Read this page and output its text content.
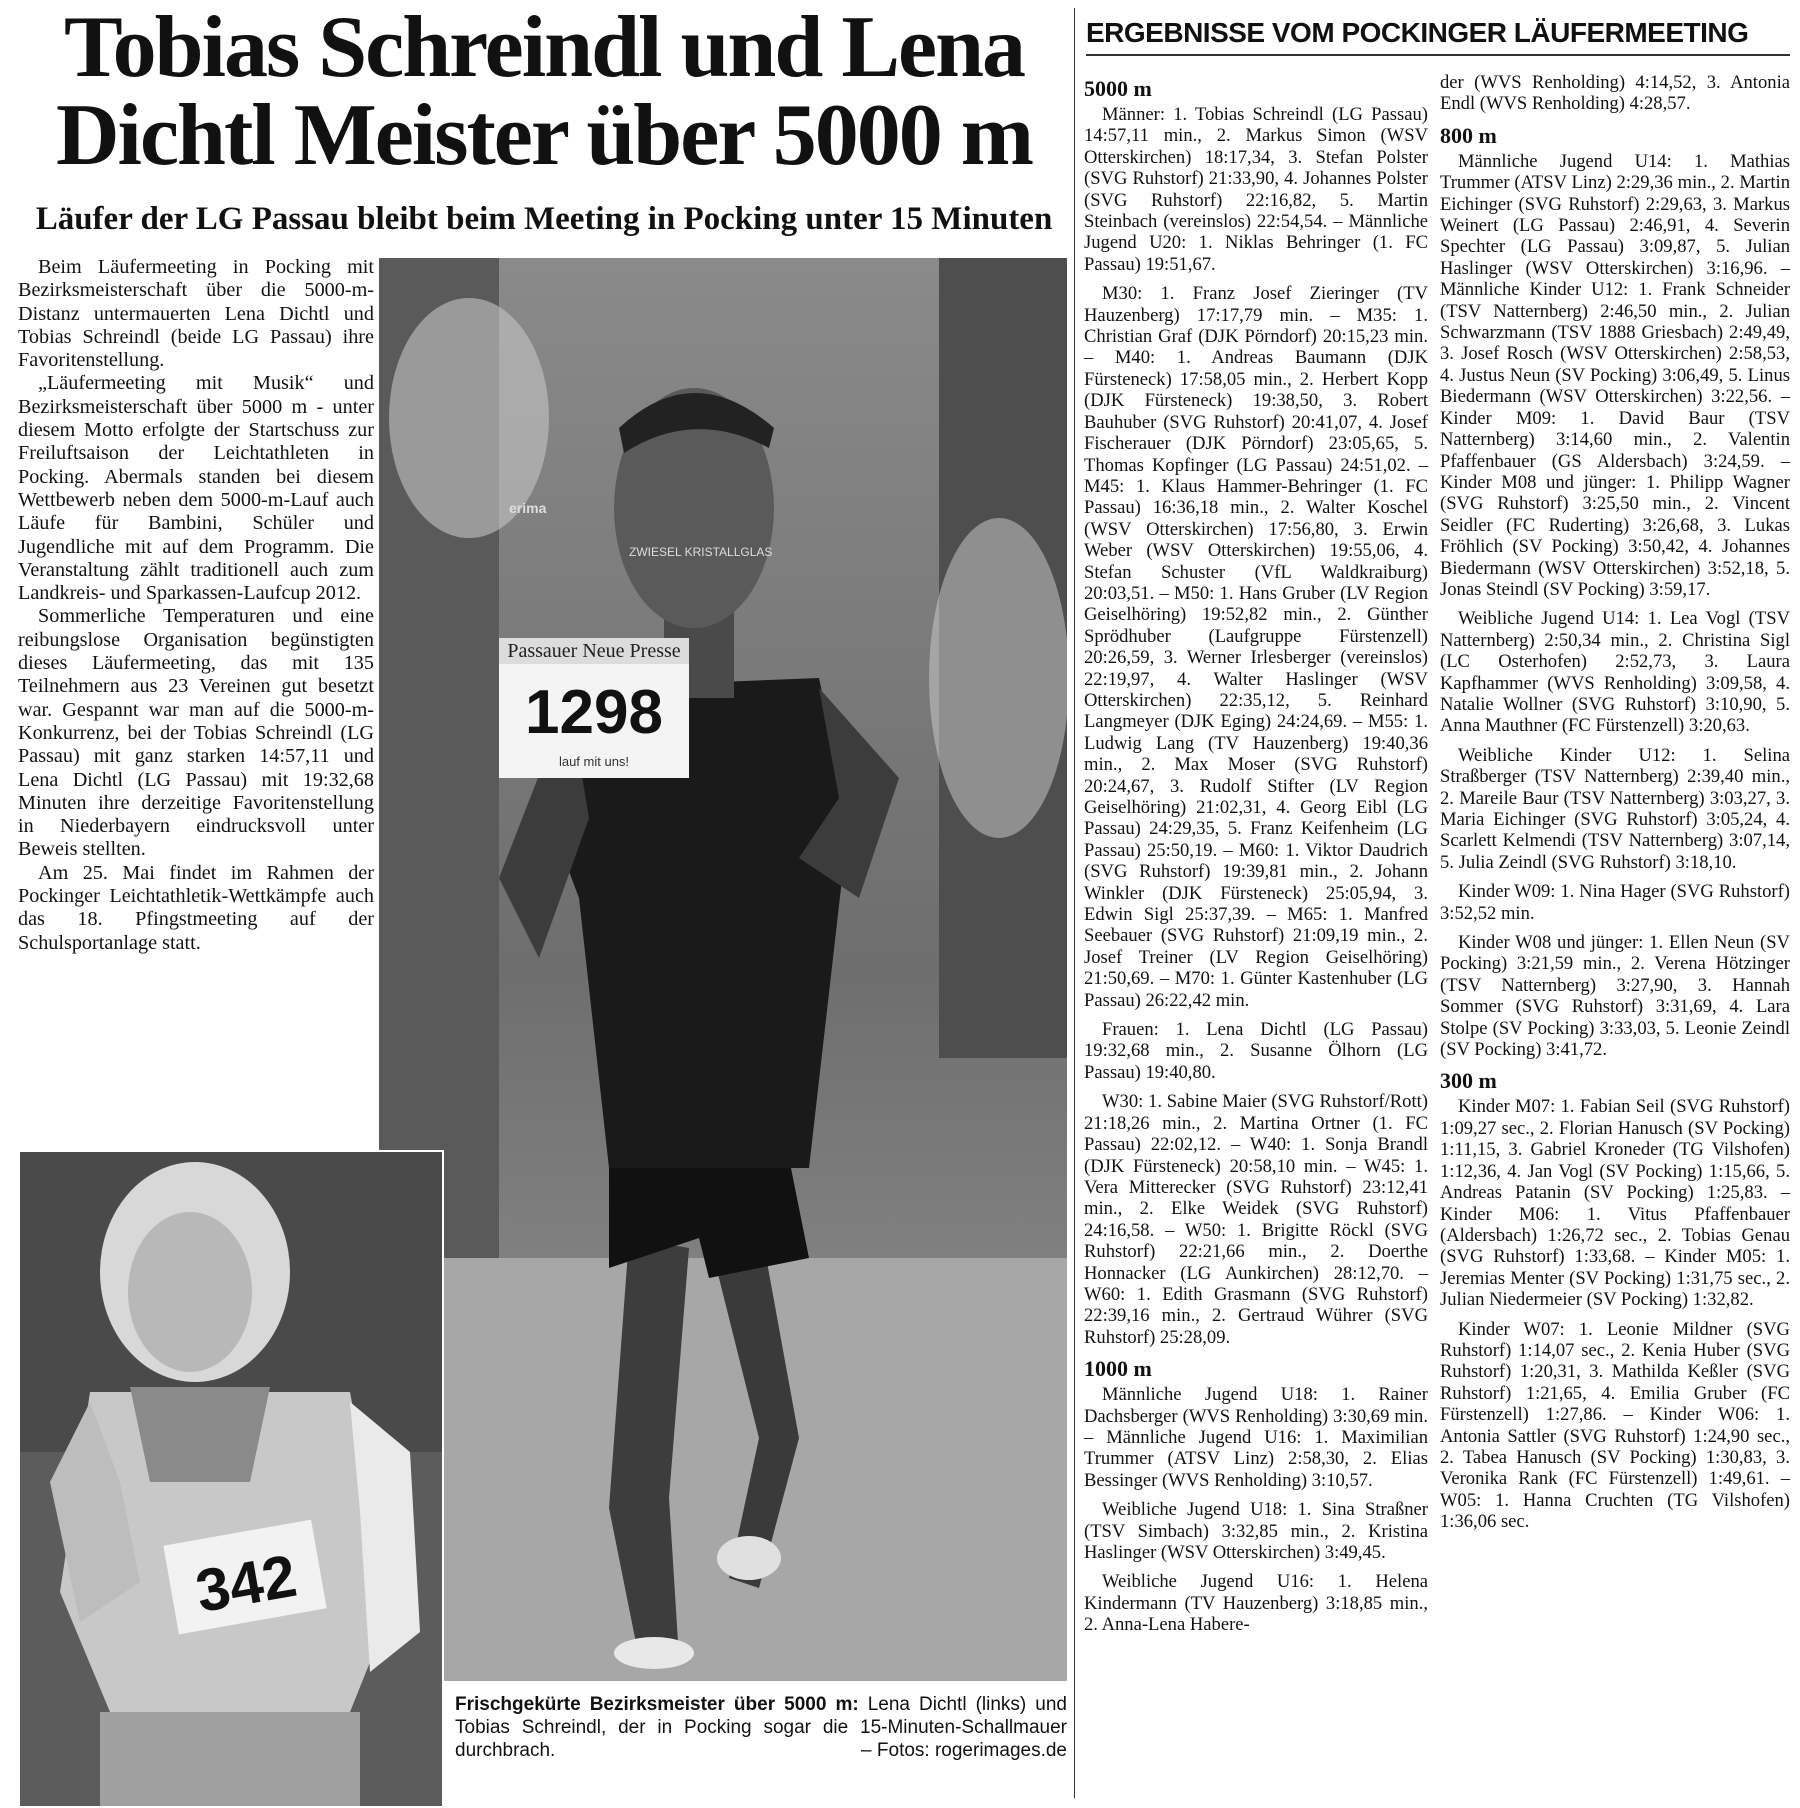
Tobias Schreindl und Lena Dichtl Meister über 5000 m
Läufer der LG Passau bleibt beim Meeting in Pocking unter 15 Minuten

Beim Läufermeeting in Pocking mit Bezirksmeisterschaft über die 5000-m-Distanz untermauerten Lena Dichtl und Tobias Schreindl (beide LG Passau) ihre Favoritenstellung.

„Läufermeeting mit Musik“ und Bezirksmeisterschaft über 5000 m - unter diesem Motto erfolgte der Startschuss zur Freiluftsaison der Leichtathleten in Pocking. Abermals standen bei diesem Wettbewerb neben dem 5000-m-Lauf auch Läufe für Bambini, Schüler und Jugendliche mit auf dem Programm. Die Veranstaltung zählt traditionell auch zum Landkreis- und Sparkassen-Laufcup 2012.

Sommerliche Temperaturen und eine reibungslose Organisation begünstigten dieses Läufermeeting, das mit 135 Teilnehmern aus 23 Vereinen gut besetzt war. Gespannt war man auf die 5000-m-Konkurrenz, bei der Tobias Schreindl (LG Passau) mit ganz starken 14:57,11 und Lena Dichtl (LG Passau) mit 19:32,68 Minuten ihre derzeitige Favoritenstellung in Niederbayern eindrucksvoll unter Beweis stellten.

Am 25. Mai findet im Rahmen der Pockinger Leichtathletik-Wettkämpfe auch das 18. Pfingstmeeting auf der Schulsportanlage statt.

Passauer Neue Presse
1298
lauf mit uns!
erima
ZWIESEL KRISTALLGLAS
342
Frischgekürte Bezirksmeister über 5000 m: Lena Dichtl (links) und Tobias Schreindl, der in Pocking sogar die 15-Minuten-Schallmauer durchbrach.	– Fotos: rogerimages.de
ERGEBNISSE VOM POCKINGER LÄUFERMEETING
5000 m

Männer: 1. Tobias Schreindl (LG Passau) 14:57,11 min., 2. Markus Simon (WSV Otterskirchen) 18:17,34, 3. Stefan Polster (SVG Ruhstorf) 21:33,90, 4. Johannes Polster (SVG Ruhstorf) 22:16,82, 5. Martin Steinbach (vereinslos) 22:54,54. – Männliche Jugend U20: 1. Niklas Behringer (1. FC Passau) 19:51,67.

M30: 1. Franz Josef Zieringer (TV Hauzenberg) 17:17,79 min. – M35: 1. Christian Graf (DJK Pörndorf) 20:15,23 min. – M40: 1. Andreas Baumann (DJK Fürsteneck) 17:58,05 min., 2. Herbert Kopp (DJK Fürsteneck) 19:38,50, 3. Robert Bauhuber (SVG Ruhstorf) 20:41,07, 4. Josef Fischerauer (DJK Pörndorf) 23:05,65, 5. Thomas Kopfinger (LG Passau) 24:51,02. – M45: 1. Klaus Hammer-Behringer (1. FC Passau) 16:36,18 min., 2. Walter Koschel (WSV Otterskirchen) 17:56,80, 3. Erwin Weber (WSV Otterskirchen) 19:55,06, 4. Stefan Schuster (VfL Waldkraiburg) 20:03,51. – M50: 1. Hans Gruber (LV Region Geiselhöring) 19:52,82 min., 2. Günther Sprödhuber (Laufgruppe Fürstenzell) 20:26,59, 3. Werner Irlesberger (vereinslos) 22:19,97, 4. Walter Haslinger (WSV Otterskirchen) 22:35,12, 5. Reinhard Langmeyer (DJK Eging) 24:24,69. – M55: 1. Ludwig Lang (TV Hauzenberg) 19:40,36 min., 2. Max Moser (SVG Ruhstorf) 20:24,67, 3. Rudolf Stifter (LV Region Geiselhöring) 21:02,31, 4. Georg Eibl (LG Passau) 24:29,35, 5. Franz Keifenheim (LG Passau) 25:50,19. – M60: 1. Viktor Daudrich (SVG Ruhstorf) 19:39,81 min., 2. Johann Winkler (DJK Fürsteneck) 25:05,94, 3. Edwin Sigl 25:37,39. – M65: 1. Manfred Seebauer (SVG Ruhstorf) 21:09,19 min., 2. Josef Treiner (LV Region Geiselhöring) 21:50,69. – M70: 1. Günter Kastenhuber (LG Passau) 26:22,42 min.

Frauen: 1. Lena Dichtl (LG Passau) 19:32,68 min., 2. Susanne Ölhorn (LG Passau) 19:40,80.

W30: 1. Sabine Maier (SVG Ruhstorf/Rott) 21:18,26 min., 2. Martina Ortner (1. FC Passau) 22:02,12. – W40: 1. Sonja Brandl (DJK Fürsteneck) 20:58,10 min. – W45: 1. Vera Mitterecker (SVG Ruhstorf) 23:12,41 min., 2. Elke Weidek (SVG Ruhstorf) 24:16,58. – W50: 1. Brigitte Röckl (SVG Ruhstorf) 22:21,66 min., 2. Doerthe Honnacker (LG Aunkirchen) 28:12,70. – W60: 1. Edith Grasmann (SVG Ruhstorf) 22:39,16 min., 2. Gertraud Wührer (SVG Ruhstorf) 25:28,09.

1000 m

Männliche Jugend U18: 1. Rainer Dachsberger (WVS Renholding) 3:30,69 min. – Männliche Jugend U16: 1. Maximilian Trummer (ATSV Linz) 2:58,30, 2. Elias Bessinger (WVS Renholding) 3:10,57.

Weibliche Jugend U18: 1. Sina Straßner (TSV Simbach) 3:32,85 min., 2. Kristina Haslinger (WSV Otterskirchen) 3:49,45.

Weibliche Jugend U16: 1. Helena Kindermann (TV Hauzenberg) 3:18,85 min., 2. Anna-Lena Habere-

der (WVS Renholding) 4:14,52, 3. Antonia Endl (WVS Renholding) 4:28,57.

800 m

Männliche Jugend U14: 1. Mathias Trummer (ATSV Linz) 2:29,36 min., 2. Martin Eichinger (SVG Ruhstorf) 2:29,63, 3. Markus Weinert (LG Passau) 2:46,91, 4. Severin Spechter (LG Passau) 3:09,87, 5. Julian Haslinger (WSV Otterskirchen) 3:16,96. – Männliche Kinder U12: 1. Frank Schneider (TSV Natternberg) 2:46,50 min., 2. Julian Schwarzmann (TSV 1888 Griesbach) 2:49,49, 3. Josef Rosch (WSV Otterskirchen) 2:58,53, 4. Justus Neun (SV Pocking) 3:06,49, 5. Linus Biedermann (WSV Otterskirchen) 3:22,56. – Kinder M09: 1. David Baur (TSV Natternberg) 3:14,60 min., 2. Valentin Pfaffenbauer (GS Aldersbach) 3:24,59. – Kinder M08 und jünger: 1. Philipp Wagner (SVG Ruhstorf) 3:25,50 min., 2. Vincent Seidler (FC Ruderting) 3:26,68, 3. Lukas Fröhlich (SV Pocking) 3:50,42, 4. Johannes Biedermann (WSV Otterskirchen) 3:52,18, 5. Jonas Steindl (SV Pocking) 3:59,17.

Weibliche Jugend U14: 1. Lea Vogl (TSV Natternberg) 2:50,34 min., 2. Christina Sigl (LC Osterhofen) 2:52,73, 3. Laura Kapfhammer (WVS Renholding) 3:09,58, 4. Natalie Wollner (SVG Ruhstorf) 3:10,90, 5. Anna Mauthner (FC Fürstenzell) 3:20,63.

Weibliche Kinder U12: 1. Selina Straßberger (TSV Natternberg) 2:39,40 min., 2. Mareile Baur (TSV Natternberg) 3:03,27, 3. Maria Eichinger (SVG Ruhstorf) 3:05,24, 4. Scarlett Kelmendi (TSV Natternberg) 3:07,14, 5. Julia Zeindl (SVG Ruhstorf) 3:18,10.

Kinder W09: 1. Nina Hager (SVG Ruhstorf) 3:52,52 min.

Kinder W08 und jünger: 1. Ellen Neun (SV Pocking) 3:21,59 min., 2. Verena Hötzinger (TSV Natternberg) 3:27,90, 3. Hannah Sommer (SVG Ruhstorf) 3:31,69, 4. Lara Stolpe (SV Pocking) 3:33,03, 5. Leonie Zeindl (SV Pocking) 3:41,72.

300 m

Kinder M07: 1. Fabian Seil (SVG Ruhstorf) 1:09,27 sec., 2. Florian Hanusch (SV Pocking) 1:11,15, 3. Gabriel Kroneder (TG Vilshofen) 1:12,36, 4. Jan Vogl (SV Pocking) 1:15,66, 5. Andreas Patanin (SV Pocking) 1:25,83. – Kinder M06: 1. Vitus Pfaffenbauer (Aldersbach) 1:26,72 sec., 2. Tobias Genau (SVG Ruhstorf) 1:33,68. – Kinder M05: 1. Jeremias Menter (SV Pocking) 1:31,75 sec., 2. Julian Niedermeier (SV Pocking) 1:32,82.

Kinder W07: 1. Leonie Mildner (SVG Ruhstorf) 1:14,07 sec., 2. Kenia Huber (SVG Ruhstorf) 1:20,31, 3. Mathilda Keßler (SVG Ruhstorf) 1:21,65, 4. Emilia Gruber (FC Fürstenzell) 1:27,86. – Kinder W06: 1. Antonia Sattler (SVG Ruhstorf) 1:24,90 sec., 2. Tabea Hanusch (SV Pocking) 1:30,83, 3. Veronika Rank (FC Fürstenzell) 1:49,61. – W05: 1. Hanna Cruchten (TG Vilshofen) 1:36,06 sec.
